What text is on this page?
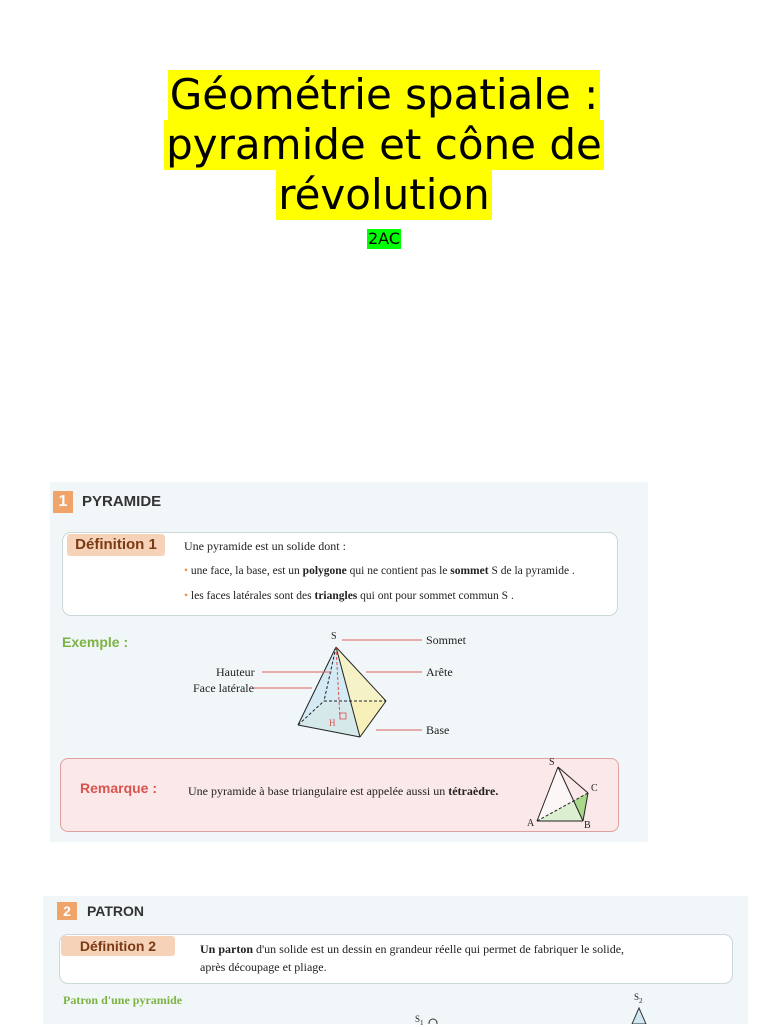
Géométrie spatiale :
pyramide et cône de
révolution
2AC
1 PYRAMIDE
Définition 1	Une pyramide est un solide dont :
• une face, la base, est un polygone qui ne contient pas le sommet S de la pyramide .
• les faces latérales sont des triangles qui ont pour sommet commun S .
Exemple :	S	Sommet
Hauteur	Arête
Face latérale
H	Base
Remarque :	Une pyramide à base triangulaire est appelée aussi un tétraèdre.
S
A	B
C
2	PATRON
Définition 2	Un parton d'un solide est un dessin en grandeur réelle qui permet de fabriquer le solide,
après découpage et pliage.
Patron d'une pyramide
$S_1$
$S_2$
